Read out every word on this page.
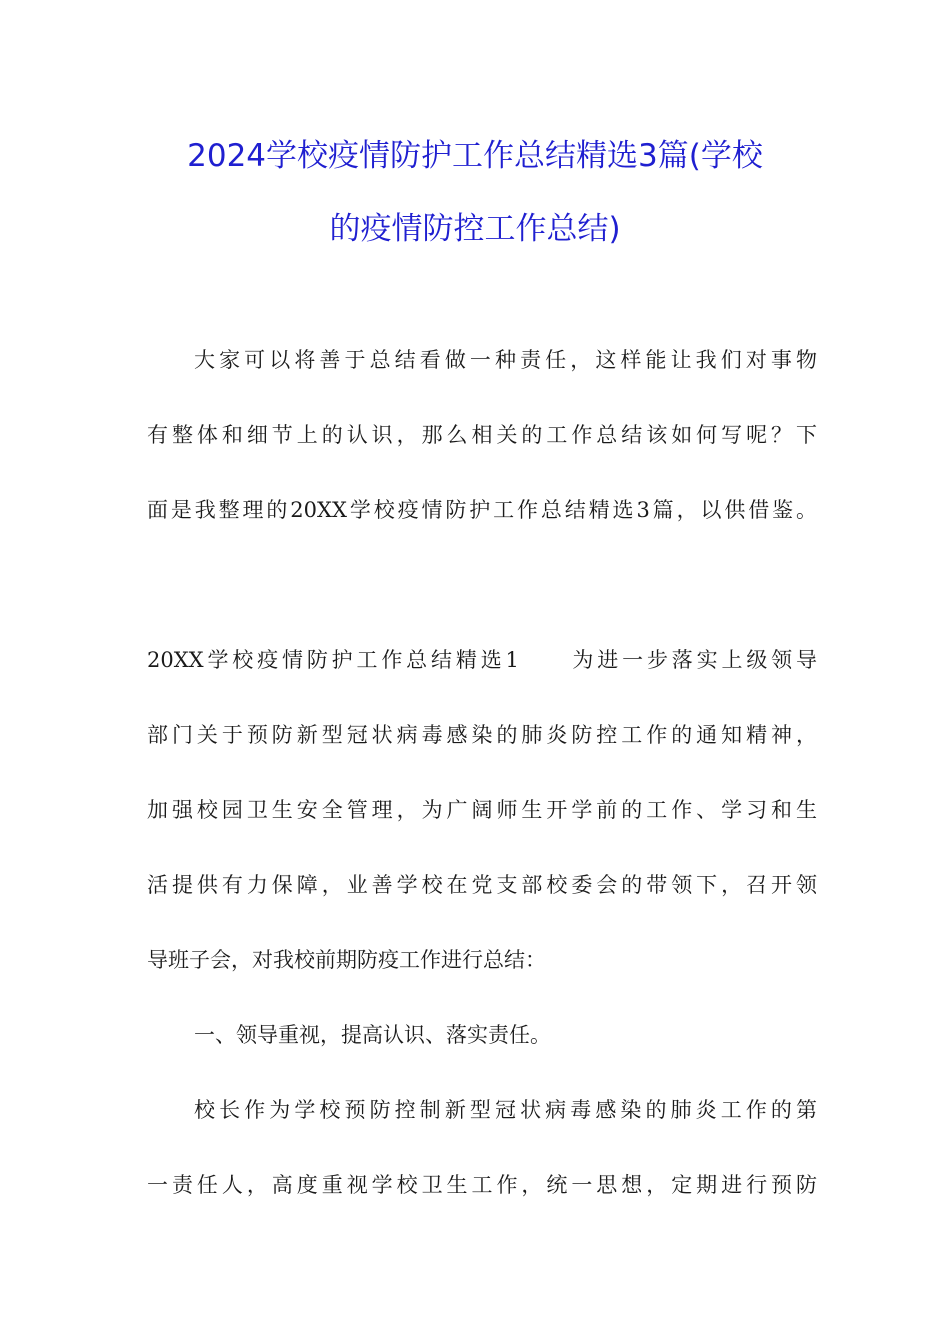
2024学校疫情防护工作总结精选3篇(学校
的疫情防控工作总结)
大家可以将善于总结看做一种责任，这样能让我们对事物
有整体和细节上的认识，那么相关的工作总结该如何写呢？下
面是我整理的20XX学校疫情防护工作总结精选3篇，以供借鉴。
20XX学校疫情防护工作总结精选1　　为进一步落实上级领导
部门关于预防新型冠状病毒感染的肺炎防控工作的通知精神，
加强校园卫生安全管理，为广阔师生开学前的工作、学习和生
活提供有力保障，业善学校在党支部校委会的带领下，召开领
导班子会，对我校前期防疫工作进行总结：
一、领导重视，提高认识、落实责任。
校长作为学校预防控制新型冠状病毒感染的肺炎工作的第
一责任人，高度重视学校卫生工作，统一思想，定期进行预防
